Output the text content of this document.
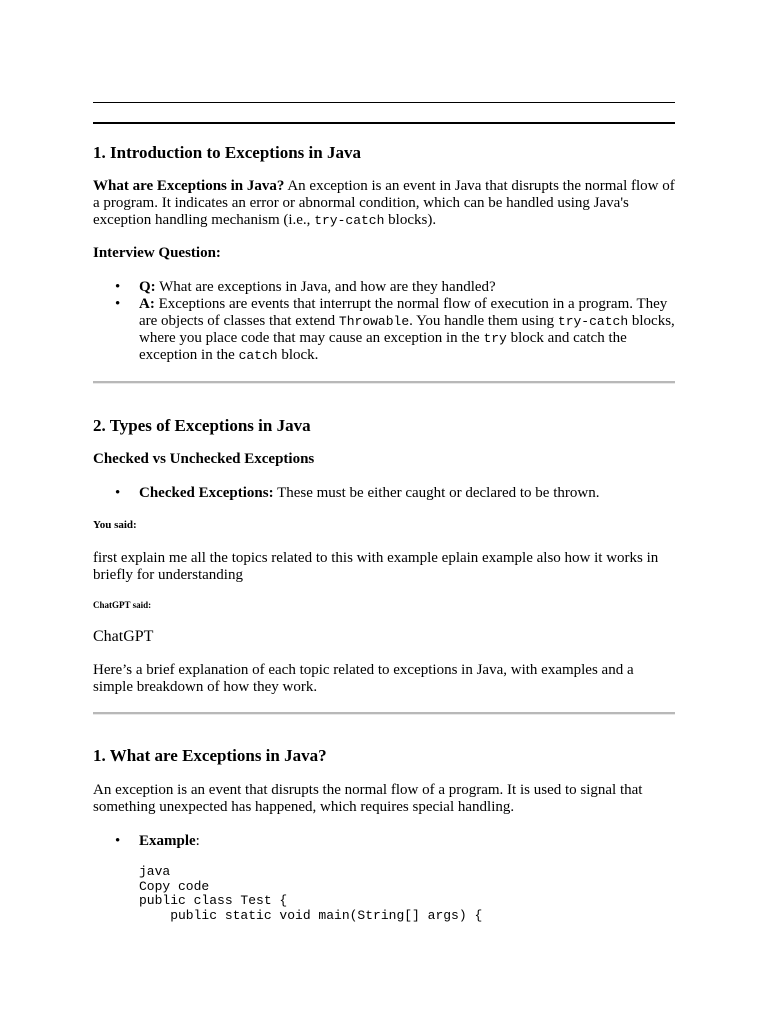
1. Introduction to Exceptions in Java

What are Exceptions in Java? An exception is an event in Java that disrupts the normal flow of a program. It indicates an error or abnormal condition, which can be handled using Java's exception handling mechanism (i.e., try-catch blocks).

Interview Question:
• Q: What are exceptions in Java, and how are they handled?
• A: Exceptions are events that interrupt the normal flow of execution in a program. They are objects of classes that extend Throwable. You handle them using try-catch blocks, where you place code that may cause an exception in the try block and catch the exception in the catch block.
2. Types of Exceptions in Java
Checked vs Unchecked Exceptions
• Checked Exceptions: These must be either caught or declared to be thrown.
You said:

first explain me all the topics related to this with example eplain example also how it works in briefly for understanding

ChatGPT said:

ChatGPT

Here’s a brief explanation of each topic related to exceptions in Java, with examples and a simple breakdown of how they work.

1. What are Exceptions in Java?

An exception is an event that disrupts the normal flow of a program. It is used to signal that something unexpected has happened, which requires special handling.

• Example:
java
Copy code
public class Test {
public static void main(String[] args) {
